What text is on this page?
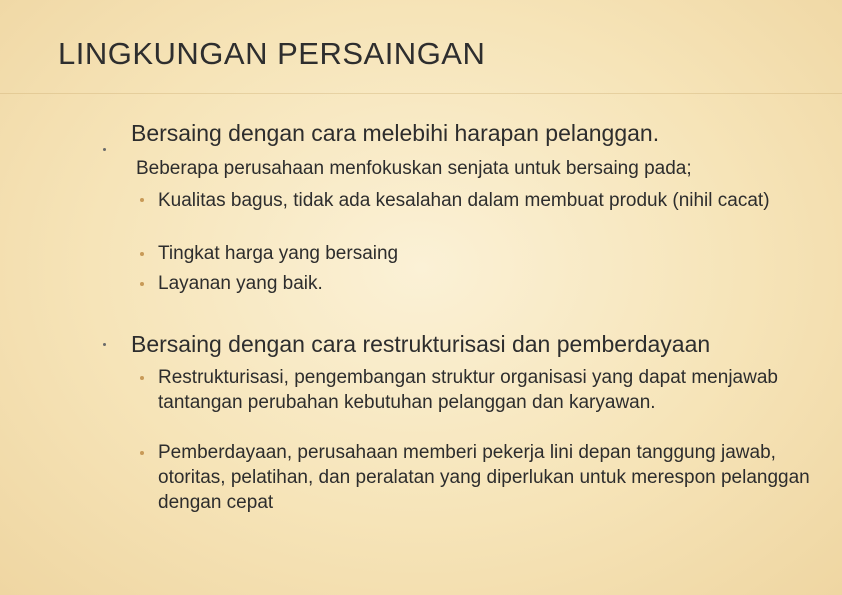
LINGKUNGAN PERSAINGAN
Bersaing dengan cara melebihi harapan pelanggan.
Beberapa perusahaan menfokuskan senjata untuk bersaing pada;
Kualitas bagus, tidak ada kesalahan dalam membuat produk (nihil cacat)
Tingkat harga yang bersaing
Layanan yang baik.
Bersaing dengan cara restrukturisasi dan pemberdayaan
Restrukturisasi, pengembangan struktur organisasi yang dapat menjawab tantangan perubahan kebutuhan pelanggan dan karyawan.
Pemberdayaan, perusahaan memberi pekerja lini depan tanggung jawab, otoritas, pelatihan, dan peralatan yang diperlukan untuk merespon pelanggan dengan cepat
